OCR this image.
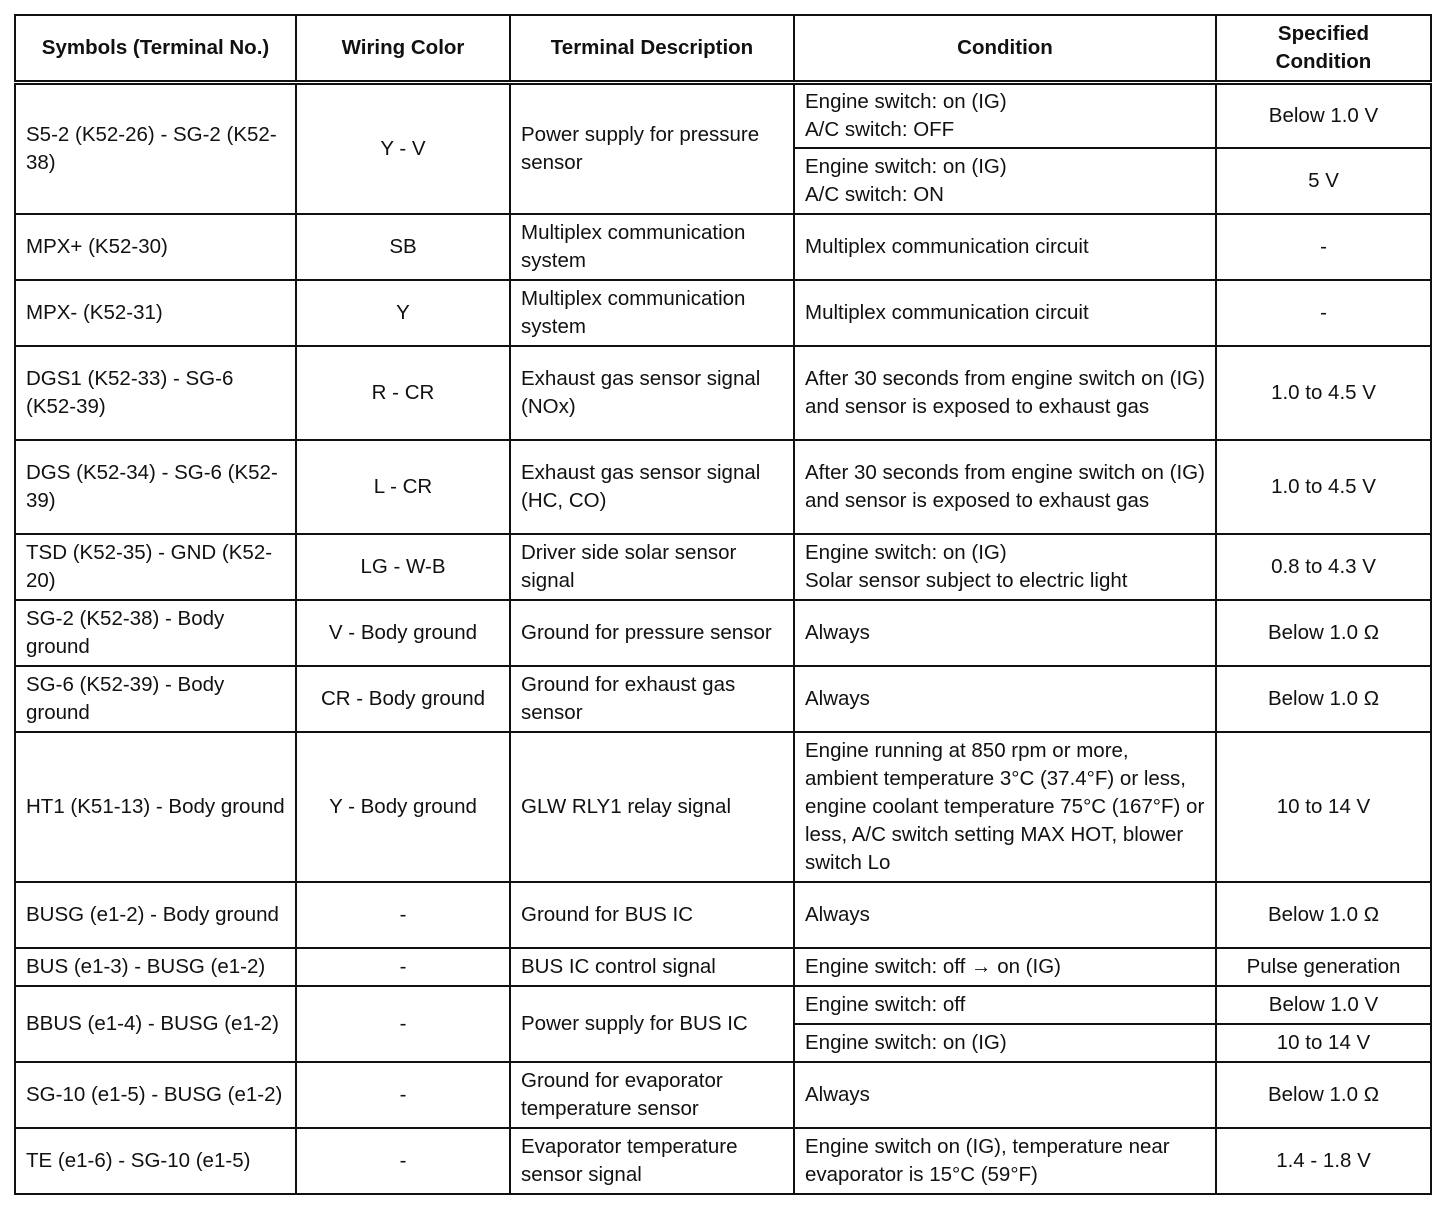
Symbols (Terminal No.)	Wiring Color	Terminal Description	Condition	Specified
Condition
S5-2 (K52-26) - SG-2 (K52-38)	Y - V	Power supply for pressure sensor	Engine switch: on (IG)
A/C switch: OFF	Below 1.0 V
			Engine switch: on (IG)
A/C switch: ON	5 V
MPX+ (K52-30)	SB	Multiplex communication system	Multiplex communication circuit	-
MPX- (K52-31)	Y	Multiplex communication system	Multiplex communication circuit	-
DGS1 (K52-33) - SG-6 (K52-39)	R - CR	Exhaust gas sensor signal (NOx)	After 30 seconds from engine switch on (IG) and sensor is exposed to exhaust gas	1.0 to 4.5 V
DGS (K52-34) - SG-6 (K52-39)	L - CR	Exhaust gas sensor signal (HC, CO)	After 30 seconds from engine switch on (IG) and sensor is exposed to exhaust gas	1.0 to 4.5 V
TSD (K52-35) - GND (K52-20)	LG - W-B	Driver side solar sensor signal	Engine switch: on (IG)
Solar sensor subject to electric light	0.8 to 4.3 V
SG-2 (K52-38) - Body ground	V - Body ground	Ground for pressure sensor	Always	Below 1.0 Ω
SG-6 (K52-39) - Body ground	CR - Body ground	Ground for exhaust gas sensor	Always	Below 1.0 Ω
HT1 (K51-13) - Body ground	Y - Body ground	GLW RLY1 relay signal	Engine running at 850 rpm or more, ambient temperature 3°C (37.4°F) or less, engine coolant temperature 75°C (167°F) or less, A/C switch setting MAX HOT, blower switch Lo	10 to 14 V
BUSG (e1-2) - Body ground	-	Ground for BUS IC	Always	Below 1.0 Ω
BUS (e1-3) - BUSG (e1-2)	-	BUS IC control signal	Engine switch: off → on (IG)	Pulse generation
BBUS (e1-4) - BUSG (e1-2)	-	Power supply for BUS IC	Engine switch: off	Below 1.0 V
			Engine switch: on (IG)	10 to 14 V
SG-10 (e1-5) - BUSG (e1-2)	-	Ground for evaporator temperature sensor	Always	Below 1.0 Ω
TE (e1-6) - SG-10 (e1-5)	-	Evaporator temperature sensor signal	Engine switch on (IG), temperature near evaporator is 15°C (59°F)	1.4 - 1.8 V
